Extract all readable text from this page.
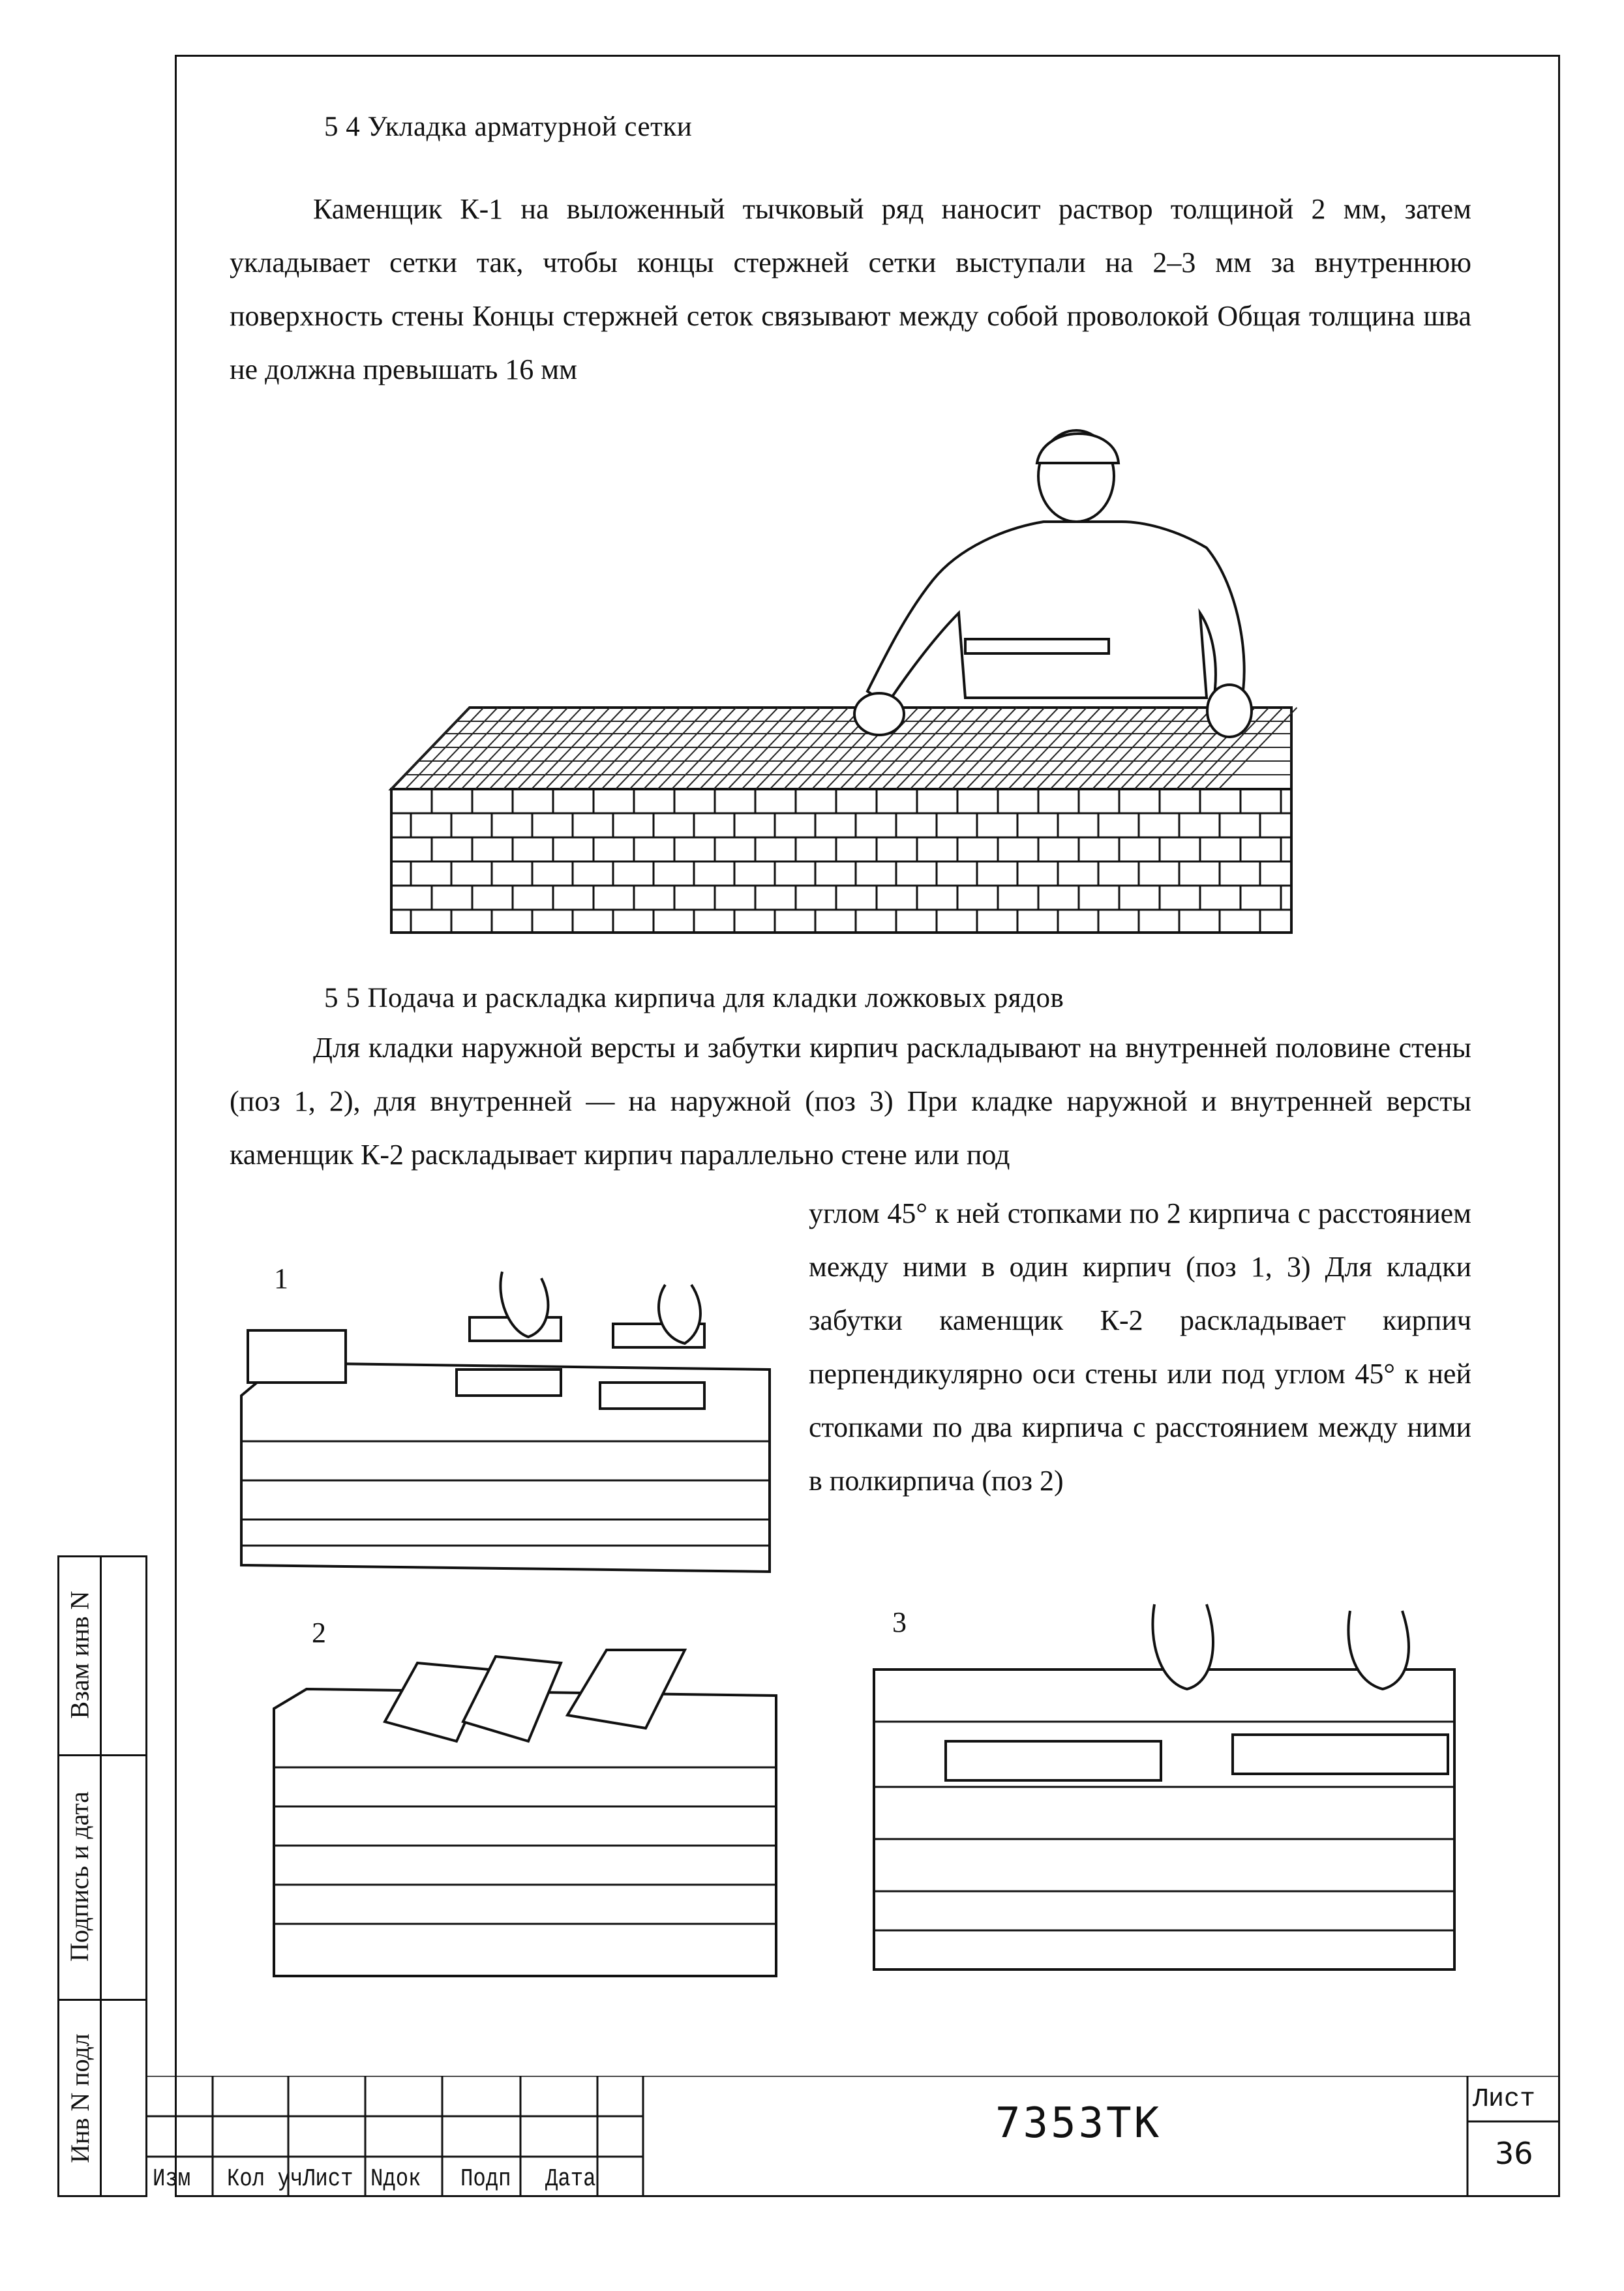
5 4 Укладка арматурной сетки

Каменщик К-1 на выложенный тычковый ряд наносит раствор толщиной 2 мм, затем укладывает сетки так, чтобы концы стержней сетки выступали на 2–3 мм за внутреннюю поверхность стены Концы стержней сеток связывают между собой проволокой Общая толщина шва не должна превышать 16 мм

5 5 Подача и раскладка кирпича для кладки ложковых рядов

Для кладки наружной версты и забутки кирпич раскладывают на внутренней половине стены (поз 1, 2), для внутренней — на наружной (поз 3) При кладке наружной и внутренней версты каменщик К-2 раскладывает кирпич параллельно стене или под

углом 45° к ней стопками по 2 кирпича с расстоянием между ними в один кирпич (поз 1, 3) Для кладки забутки каменщик К-2 раскладывает кирпич перпендикулярно оси стены или под углом 45° к ней стопками по два кирпича с расстоянием между ними в полкирпича (поз 2)

1
2	3
Взам инв N
Подпись и дата
Инв N подл
Изм Кол уч Лист Nдок Подп Дата
7353ТК	Лист
36
